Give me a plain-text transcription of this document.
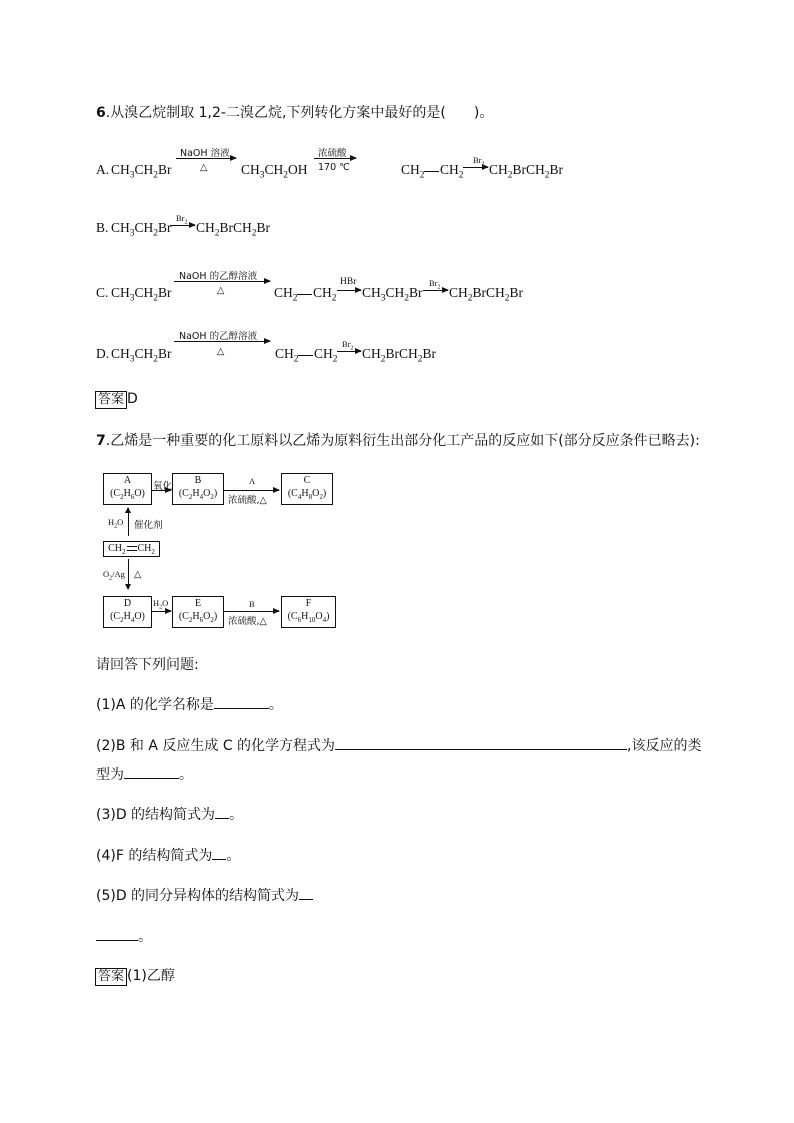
6.从溴乙烷制取 1,2-二溴乙烷,下列转化方案中最好的是(　　)。
A. $CH_3CH_2Br$
NaOH 溶液
△ $CH_3CH_2OH$
浓硫酸
170 ℃	$CH_2$ $CH_2$
$Br_2$ → $CH_2BrCH_2Br$
B. $CH_3CH_2Br$
$Br_2$ → $CH_2BrCH_2Br$
C. $CH_3CH_2Br$
NaOH 的乙醇溶液
△	$CH_2$ $CH_2$
HBr
→ $CH_3CH_2Br$
$Br_2$ → $CH_2BrCH_2Br$
D. $CH_3CH_2Br$
NaOH 的乙醇溶液
△	$CH_2$ $CH_2$
$Br_2$ → $CH_2BrCH_2Br$
答案 D
7.乙烯是一种重要的化工原料以乙烯为原料衍生出部分化工产品的反应如下(部分反应条件已略去):
A
$(C_2H_6O)$
氧化
B
$(C_2H_4O_2)$
A
浓硫酸,△
C
$(C_4H_8O_2)$
$H_2O$ 催化剂
$CH_2$ $CH_2$
$O_2/Ag$ △
D
$(C_2H_4O)$
$H_2O$	E
$(C_2H_6O_2)$
B
浓硫酸,△
F
$(C_6H_{10}O_4)$
请回答下列问题:
(1)A 的化学名称是	。
(2)B 和 A 反应生成 C 的化学方程式为	,该反应的类
型为	。
(3)D 的结构简式为 。
(4)F 的结构简式为 。
(5)D 的同分异构体的结构简式为
。
答案 (1)乙醇
